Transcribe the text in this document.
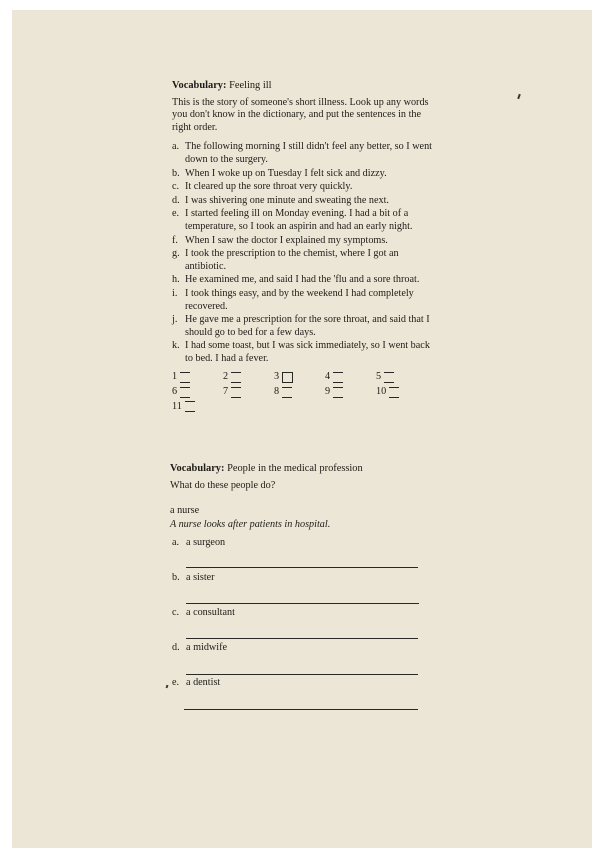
Vocabulary: Feeling ill

This is the story of someone's short illness. Look up any words you don't know in the dictionary, and put the sentences in the right order.

a. The following morning I still didn't feel any better, so I went down to the surgery.
b. When I woke up on Tuesday I felt sick and dizzy.
c. It cleared up the sore throat very quickly.
d. I was shivering one minute and sweating the next.
e. I started feeling ill on Monday evening. I had a bit of a temperature, so I took an aspirin and had an early night.
f. When I saw the doctor I explained my symptoms.
g. I took the prescription to the chemist, where I got an antibiotic.
h. He examined me, and said I had the 'flu and a sore throat.
i. I took things easy, and by the weekend I had completely recovered.
j. He gave me a prescription for the sore throat, and said that I should go to bed for a few days.
k. I had some toast, but I was sick immediately, so I went back to bed. I had a fever.
1	2	3	4	5
6	7	8	9	10
11
Vocabulary: People in the medical profession
What do these people do?
a nurse
A nurse looks after patients in hospital.
a. a surgeon
b. a sister
c. a consultant
d. a midwife
e. a dentist
